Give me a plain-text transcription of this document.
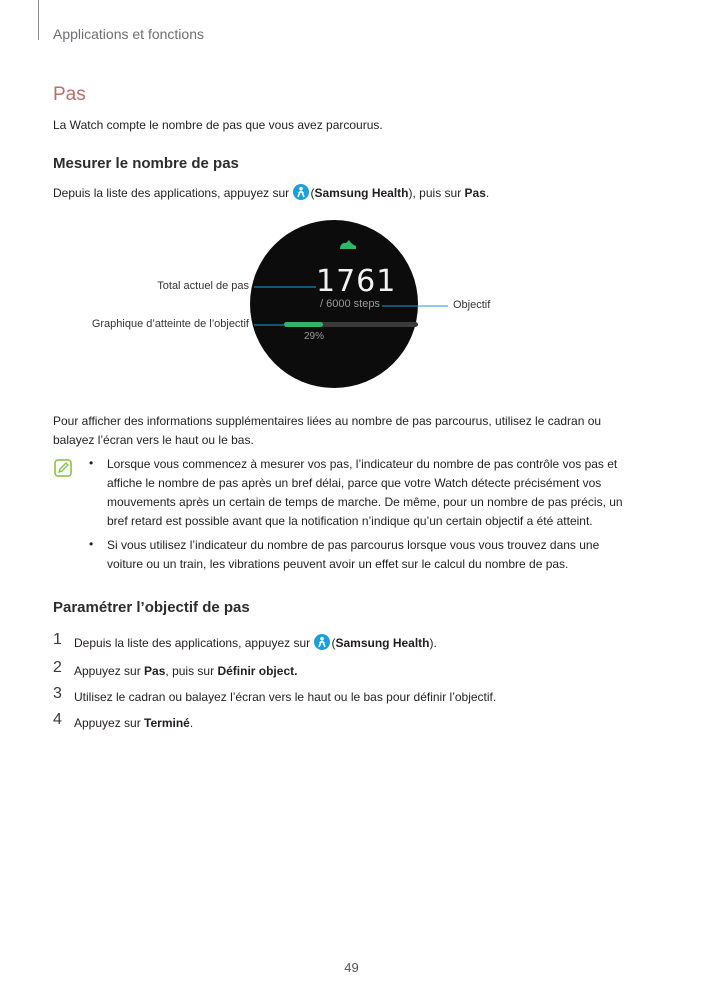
Applications et fonctions
Pas
La Watch compte le nombre de pas que vous avez parcourus.
Mesurer le nombre de pas
Depuis la liste des applications, appuyez sur (Samsung Health), puis sur Pas.
1761
/ 6000 steps
29%
Total actuel de pas
Objectif
Graphique d’atteinte de l’objectif
Pour afficher des informations supplémentaires liées au nombre de pas parcourus, utilisez le cadran ou
balayez l’écran vers le haut ou le bas.
• Lorsque vous commencez à mesurer vos pas, l’indicateur du nombre de pas contrôle vos pas et
affiche le nombre de pas après un bref délai, parce que votre Watch détecte précisément vos
mouvements après un certain de temps de marche. De même, pour un nombre de pas précis, un
bref retard est possible avant que la notification n’indique qu’un certain objectif a été atteint.
• Si vous utilisez l’indicateur du nombre de pas parcourus lorsque vous vous trouvez dans une
voiture ou un train, les vibrations peuvent avoir un effet sur le calcul du nombre de pas.
Paramétrer l’objectif de pas
1 Depuis la liste des applications, appuyez sur (Samsung Health).
2 Appuyez sur Pas, puis sur Définir object.
3 Utilisez le cadran ou balayez l’écran vers le haut ou le bas pour définir l’objectif.
4 Appuyez sur Terminé.
49
